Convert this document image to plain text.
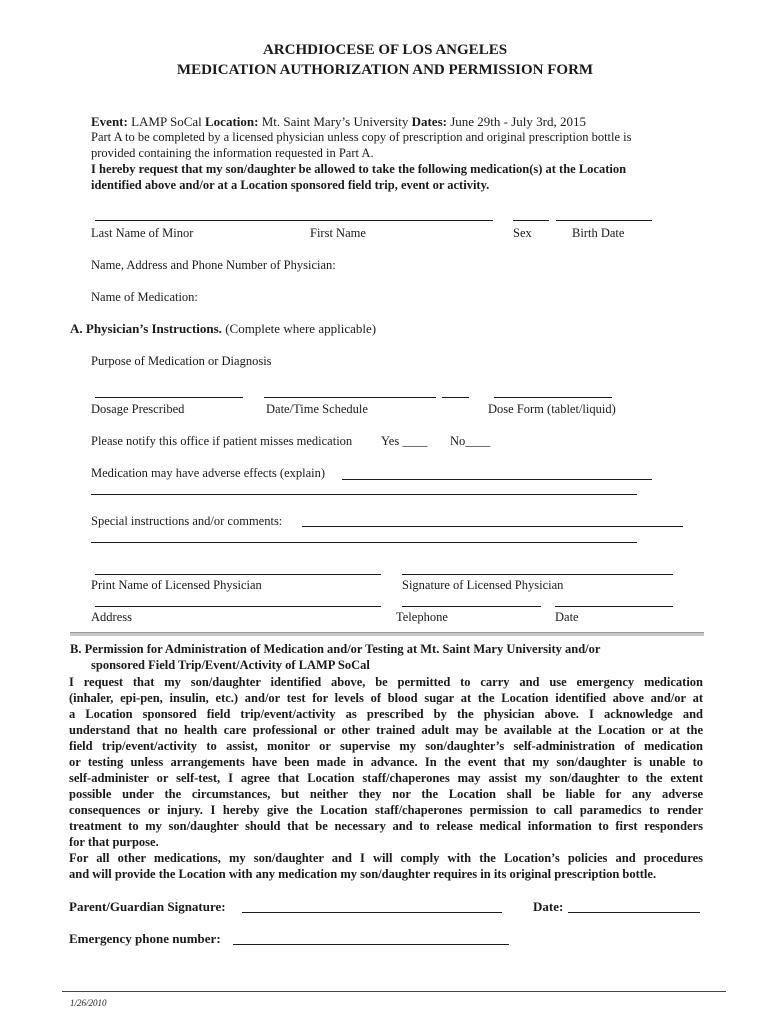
ARCHDIOCESE OF LOS ANGELES
MEDICATION AUTHORIZATION AND PERMISSION FORM
Event: LAMP SoCal Location: Mt. Saint Mary’s University Dates: June 29th - July 3rd, 2015
Part A to be completed by a licensed physician unless copy of prescription and original prescription bottle is
provided containing the information requested in Part A.
I hereby request that my son/daughter be allowed to take the following medication(s) at the Location
identified above and/or at a Location sponsored field trip, event or activity.
Last Name of Minor	First Name	Sex	Birth Date
Name, Address and Phone Number of Physician:
Name of Medication:
A. Physician’s Instructions. (Complete where applicable)
Purpose of Medication or Diagnosis
Dosage Prescribed	Date/Time Schedule	Dose Form (tablet/liquid)
Please notify this office if patient misses medication Yes ____ No____
Medication may have adverse effects (explain)
Special instructions and/or comments:
Print Name of Licensed Physician	Signature of Licensed Physician
Address	Telephone	Date
B. Permission for Administration of Medication and/or Testing at Mt. Saint Mary University and/or
sponsored Field Trip/Event/Activity of LAMP SoCal
I request that my son/daughter identified above, be permitted to carry and use emergency medication
(inhaler, epi-pen, insulin, etc.) and/or test for levels of blood sugar at the Location identified above and/or at
a Location sponsored field trip/event/activity as prescribed by the physician above. I acknowledge and
understand that no health care professional or other trained adult may be available at the Location or at the
field trip/event/activity to assist, monitor or supervise my son/daughter’s self-administration of medication
or testing unless arrangements have been made in advance. In the event that my son/daughter is unable to
self-administer or self-test, I agree that Location staff/chaperones may assist my son/daughter to the extent
possible under the circumstances, but neither they nor the Location shall be liable for any adverse
consequences or injury. I hereby give the Location staff/chaperones permission to call paramedics to render
treatment to my son/daughter should that be necessary and to release medical information to first responders
for that purpose.
For all other medications, my son/daughter and I will comply with the Location’s policies and procedures
and will provide the Location with any medication my son/daughter requires in its original prescription bottle.
Parent/Guardian Signature:	Date:
Emergency phone number:
1/26/2010
